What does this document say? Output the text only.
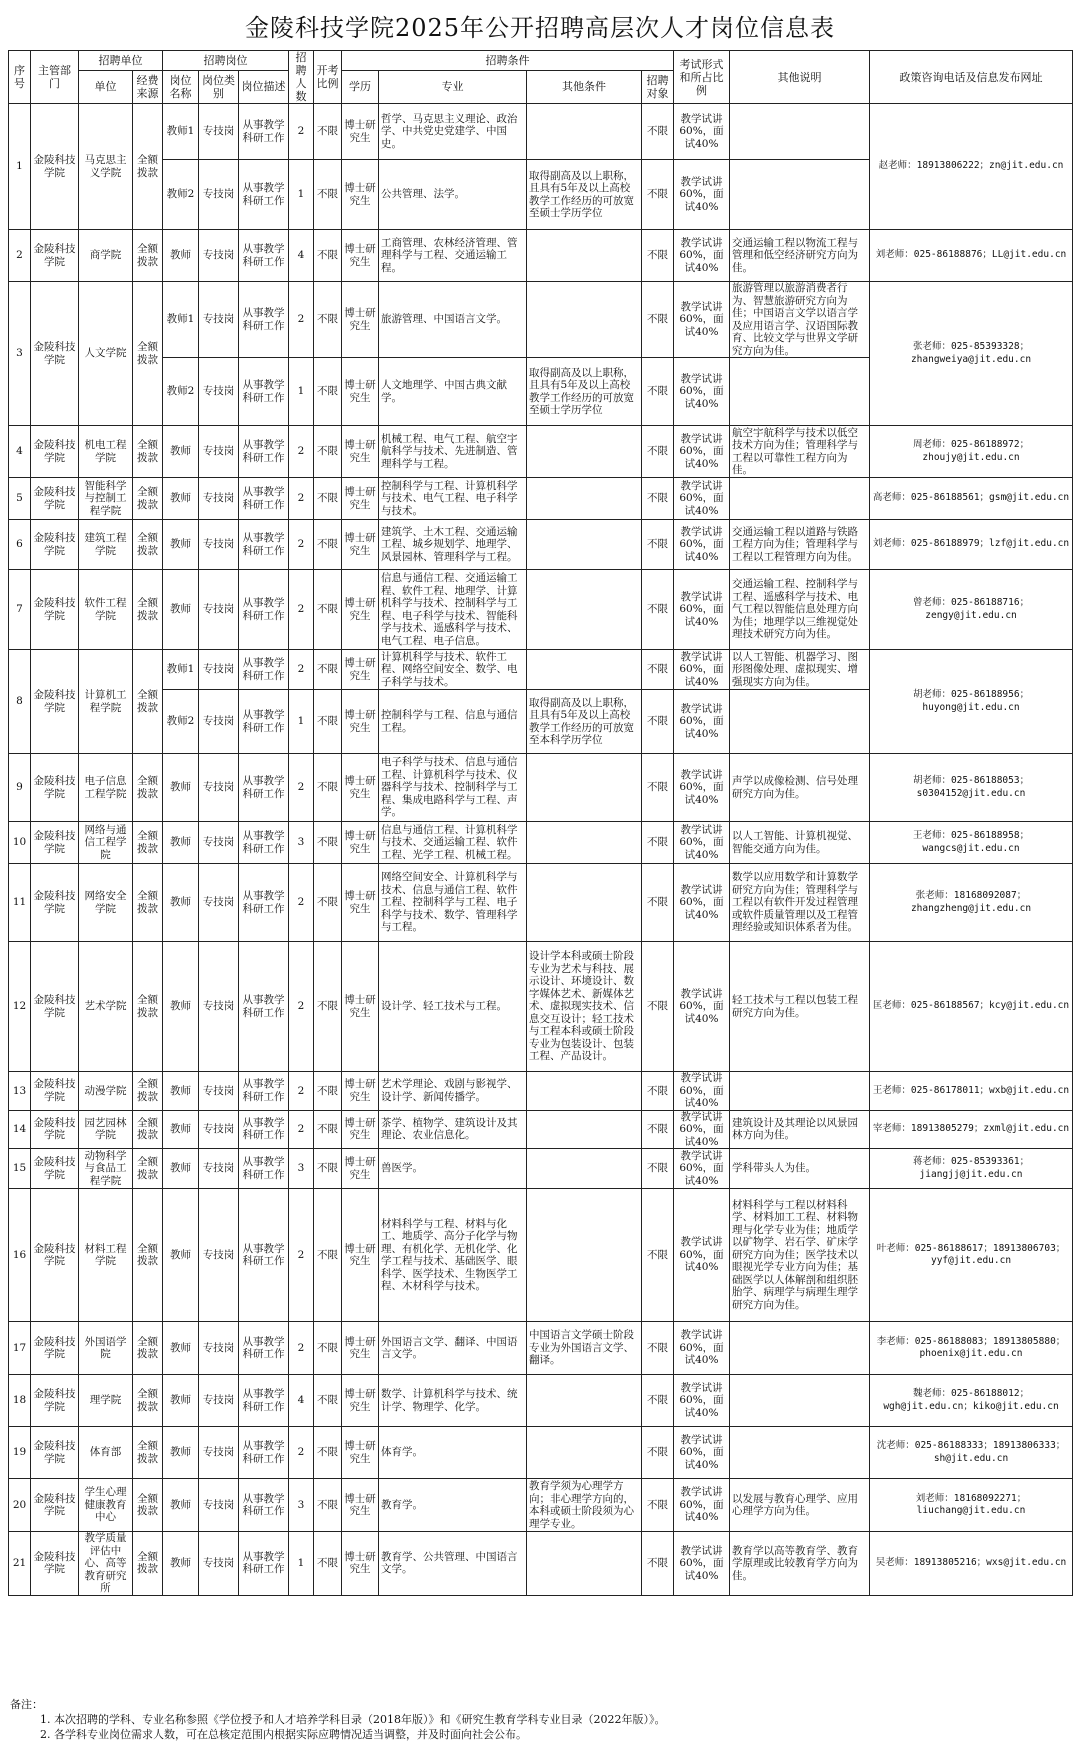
金陵科技学院2025年公开招聘高层次人才岗位信息表
序号	主管部门	招聘单位		招聘岗位			招聘人数	开考比例	招聘条件				考试形式和所占比例	其他说明	政策咨询电话及信息发布网址
		单位	经费来源	岗位名称	岗位类别	岗位描述			学历	专业	其他条件	招聘对象			
1	金陵科技学院	马克思主义学院	全额拨款	教师1	专技岗	从事教学科研工作	2	不限	博士研究生	哲学、马克思主义理论、政治学、中共党史党建学、中国史。		不限	教学试讲60%，面试40%		赵老师：18913806222；zn@jit.edu.cn
				教师2	专技岗	从事教学科研工作	1	不限	博士研究生	公共管理、法学。	取得副高及以上职称，且具有5年及以上高校教学工作经历的可放宽至硕士学历学位	不限	教学试讲60%，面试40%		
2	金陵科技学院	商学院	全额拨款	教师	专技岗	从事教学科研工作	4	不限	博士研究生	工商管理、农林经济管理、管理科学与工程、交通运输工程。		不限	教学试讲60%，面试40%	交通运输工程以物流工程与管理和低空经济研究方向为佳。	刘老师：025-86188876；LL@jit.edu.cn
3	金陵科技学院	人文学院	全额拨款	教师1	专技岗	从事教学科研工作	2	不限	博士研究生	旅游管理、中国语言文学。		不限	教学试讲60%，面试40%	旅游管理以旅游消费者行为、智慧旅游研究方向为佳；中国语言文学以语言学及应用语言学、汉语国际教育、比较文学与世界文学研究方向为佳。	张老师：025-85393328；zhangweiya@jit.edu.cn
				教师2	专技岗	从事教学科研工作	1	不限	博士研究生	人文地理学、中国古典文献学。	取得副高及以上职称，且具有5年及以上高校教学工作经历的可放宽至硕士学历学位	不限	教学试讲60%，面试40%		
4	金陵科技学院	机电工程学院	全额拨款	教师	专技岗	从事教学科研工作	2	不限	博士研究生	机械工程、电气工程、航空宇航科学与技术、先进制造、管理科学与工程。		不限	教学试讲60%，面试40%	航空宇航科学与技术以低空技术方向为佳；管理科学与工程以可靠性工程方向为佳。	周老师：025-86188972；zhoujy@jit.edu.cn
5	金陵科技学院	智能科学与控制工程学院	全额拨款	教师	专技岗	从事教学科研工作	2	不限	博士研究生	控制科学与工程、计算机科学与技术、电气工程、电子科学与技术。		不限	教学试讲60%，面试40%		高老师：025-86188561；gsm@jit.edu.cn
6	金陵科技学院	建筑工程学院	全额拨款	教师	专技岗	从事教学科研工作	2	不限	博士研究生	建筑学、土木工程、交通运输工程、城乡规划学、地理学、风景园林、管理科学与工程。		不限	教学试讲60%，面试40%	交通运输工程以道路与铁路工程方向为佳；管理科学与工程以工程管理方向为佳。	刘老师：025-86188979；lzf@jit.edu.cn
7	金陵科技学院	软件工程学院	全额拨款	教师	专技岗	从事教学科研工作	2	不限	博士研究生	信息与通信工程、交通运输工程、软件工程、地理学、计算机科学与技术、控制科学与工程、电子科学与技术、智能科学与技术、遥感科学与技术、电气工程、电子信息。		不限	教学试讲60%，面试40%	交通运输工程、控制科学与工程、遥感科学与技术、电气工程以智能信息处理方向为佳；地理学以三维视觉处理技术研究方向为佳。	曾老师：025-86188716；zengy@jit.edu.cn
8	金陵科技学院	计算机工程学院	全额拨款	教师1	专技岗	从事教学科研工作	2	不限	博士研究生	计算机科学与技术、软件工程、网络空间安全、数学、电子科学与技术。		不限	教学试讲60%，面试40%	以人工智能、机器学习、图形图像处理、虚拟现实、增强现实方向为佳。	胡老师：025-86188956；huyong@jit.edu.cn
				教师2	专技岗	从事教学科研工作	1	不限	博士研究生	控制科学与工程、信息与通信工程。	取得副高及以上职称，且具有5年及以上高校教学工作经历的可放宽至本科学历学位	不限	教学试讲60%，面试40%		
9	金陵科技学院	电子信息工程学院	全额拨款	教师	专技岗	从事教学科研工作	2	不限	博士研究生	电子科学与技术、信息与通信工程、计算机科学与技术、仪器科学与技术、控制科学与工程、集成电路科学与工程、声学。		不限	教学试讲60%，面试40%	声学以成像检测、信号处理研究方向为佳。	胡老师：025-86188053；s0304152@jit.edu.cn
10	金陵科技学院	网络与通信工程学院	全额拨款	教师	专技岗	从事教学科研工作	3	不限	博士研究生	信息与通信工程、计算机科学与技术、交通运输工程、软件工程、光学工程、机械工程。		不限	教学试讲60%，面试40%	以人工智能、计算机视觉、智能交通方向为佳。	王老师：025-86188958；wangcs@jit.edu.cn
11	金陵科技学院	网络安全学院	全额拨款	教师	专技岗	从事教学科研工作	2	不限	博士研究生	网络空间安全、计算机科学与技术、信息与通信工程、软件工程、控制科学与工程、电子科学与技术、数学、管理科学与工程。		不限	教学试讲60%，面试40%	数学以应用数学和计算数学研究方向为佳；管理科学与工程以有软件开发过程管理或软件质量管理以及工程管理经验或知识体系者为佳。	张老师：18168092087；zhangzheng@jit.edu.cn
12	金陵科技学院	艺术学院	全额拨款	教师	专技岗	从事教学科研工作	2	不限	博士研究生	设计学、轻工技术与工程。	设计学本科或硕士阶段专业为艺术与科技、展示设计、环境设计、数字媒体艺术、新媒体艺术、虚拟现实技术、信息交互设计；轻工技术与工程本科或硕士阶段专业为包装设计、包装工程、产品设计。	不限	教学试讲60%，面试40%	轻工技术与工程以包装工程研究方向为佳。	匡老师：025-86188567；kcy@jit.edu.cn
13	金陵科技学院	动漫学院	全额拨款	教师	专技岗	从事教学科研工作	2	不限	博士研究生	艺术学理论、戏剧与影视学、设计学、新闻传播学。		不限	教学试讲60%，面试40%		王老师：025-86178011；wxb@jit.edu.cn
14	金陵科技学院	园艺园林学院	全额拨款	教师	专技岗	从事教学科研工作	2	不限	博士研究生	茶学、植物学、建筑设计及其理论、农业信息化。		不限	教学试讲60%，面试40%	建筑设计及其理论以风景园林方向为佳。	宰老师：18913805279；zxml@jit.edu.cn
15	金陵科技学院	动物科学与食品工程学院	全额拨款	教师	专技岗	从事教学科研工作	3	不限	博士研究生	兽医学。		不限	教学试讲60%，面试40%	学科带头人为佳。	蒋老师：025-85393361；jiangjj@jit.edu.cn
16	金陵科技学院	材料工程学院	全额拨款	教师	专技岗	从事教学科研工作	2	不限	博士研究生	材料科学与工程、材料与化工、地质学、高分子化学与物理、有机化学、无机化学、化学工程与技术、基础医学、眼科学、医学技术、生物医学工程、木材科学与技术。		不限	教学试讲60%，面试40%	材料科学与工程以材料科学、材料加工工程、材料物理与化学专业为佳；地质学以矿物学、岩石学、矿床学研究方向为佳；医学技术以眼视光学专业方向为佳；基础医学以人体解剖和组织胚胎学、病理学与病理生理学研究方向为佳。	叶老师：025-86188617；18913806703；yyf@jit.edu.cn
17	金陵科技学院	外国语学院	全额拨款	教师	专技岗	从事教学科研工作	2	不限	博士研究生	外国语言文学、翻译、中国语言文学。	中国语言文学硕士阶段专业为外国语言文学、翻译。	不限	教学试讲60%，面试40%		李老师：025-86188083；18913805880；phoenix@jit.edu.cn
18	金陵科技学院	理学院	全额拨款	教师	专技岗	从事教学科研工作	4	不限	博士研究生	数学、计算机科学与技术、统计学、物理学、化学。		不限	教学试讲60%，面试40%		魏老师：025-86188012；wgh@jit.edu.cn；kiko@jit.edu.cn
19	金陵科技学院	体育部	全额拨款	教师	专技岗	从事教学科研工作	2	不限	博士研究生	体育学。		不限	教学试讲60%，面试40%		沈老师：025-86188333；18913806333；sh@jit.edu.cn
20	金陵科技学院	学生心理健康教育中心	全额拨款	教师	专技岗	从事教学科研工作	3	不限	博士研究生	教育学。	教育学须为心理学方向；非心理学方向的，本科或硕士阶段须为心理学专业。	不限	教学试讲60%，面试40%	以发展与教育心理学、应用心理学方向为佳。	刘老师：18168092271；liuchang@jit.edu.cn
21	金陵科技学院	教学质量评估中心、高等教育研究所	全额拨款	教师	专技岗	从事教学科研工作	1	不限	博士研究生	教育学、公共管理、中国语言文学。		不限	教学试讲60%，面试40%	教育学以高等教育学、教育学原理或比较教育学方向为佳。	吴老师：18913805216；wxs@jit.edu.cn
备注：
1. 本次招聘的学科、专业名称参照《学位授予和人才培养学科目录（2018年版）》和《研究生教育学科专业目录（2022年版）》。
2. 各学科专业岗位需求人数，可在总核定范围内根据实际应聘情况适当调整，并及时面向社会公布。
